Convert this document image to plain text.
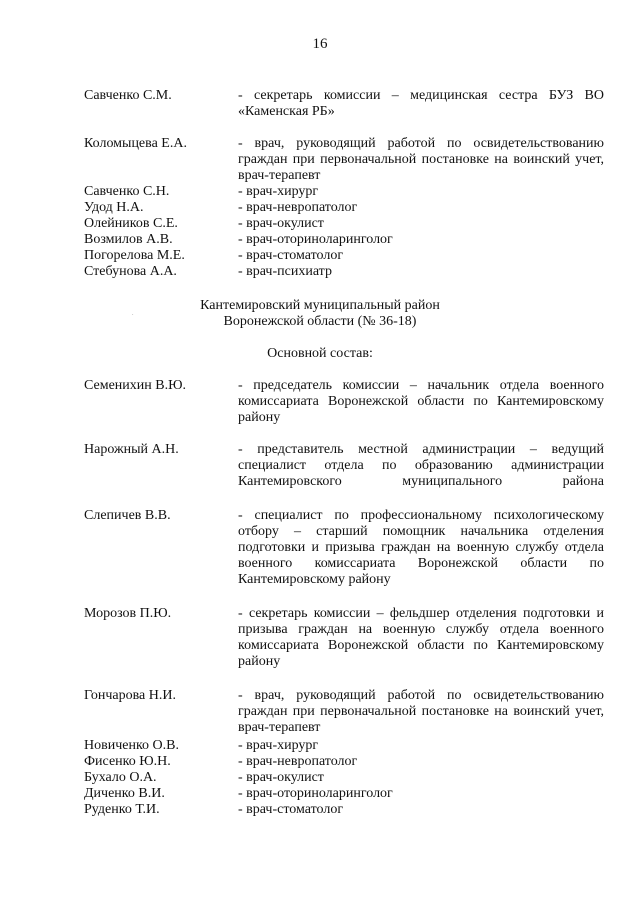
16
Савченко С.М.	- секретарь комиссии – медицинская сестра БУЗ ВО «Каменская РБ»
Коломыцева Е.А.	- врач, руководящий работой по освидетельствованию граждан при первоначальной постановке на воинский учет, врач-терапевт
Савченко С.Н.	- врач-хирург
Удод Н.А.	- врач-невропатолог
Олейников С.Е.	- врач-окулист
Возмилов А.В.	- врач-оториноларинголог
Погорелова М.Е.	- врач-стоматолог
Стебунова А.А.	- врач-психиатр
.
Кантемировский муниципальный район
Воронежской области (№ 36-18)
Основной состав:
Семенихин В.Ю.	- председатель комиссии – начальник отдела военного комиссариата Воронежской области по Кантемировскому району
Нарожный А.Н.	- представитель местной администрации – ведущий специалист отдела по образованию администрации Кантемировского муниципального района
Слепичев В.В.	- специалист по профессиональному психологическому отбору – старший помощник начальника отделения подготовки и призыва граждан на военную службу отдела военного комиссариата Воронежской области по Кантемировскому району
Морозов П.Ю.	- секретарь комиссии – фельдшер отделения подготовки и призыва граждан на военную службу отдела военного комиссариата Воронежской области по Кантемировскому району
Гончарова Н.И.	- врач, руководящий работой по освидетельствованию граждан при первоначальной постановке на воинский учет, врач-терапевт
Новиченко О.В.	- врач-хирург
Фисенко Ю.Н.	- врач-невропатолог
Бухало О.А.	- врач-окулист
Диченко В.И.	- врач-оториноларинголог
Руденко Т.И.	- врач-стоматолог
